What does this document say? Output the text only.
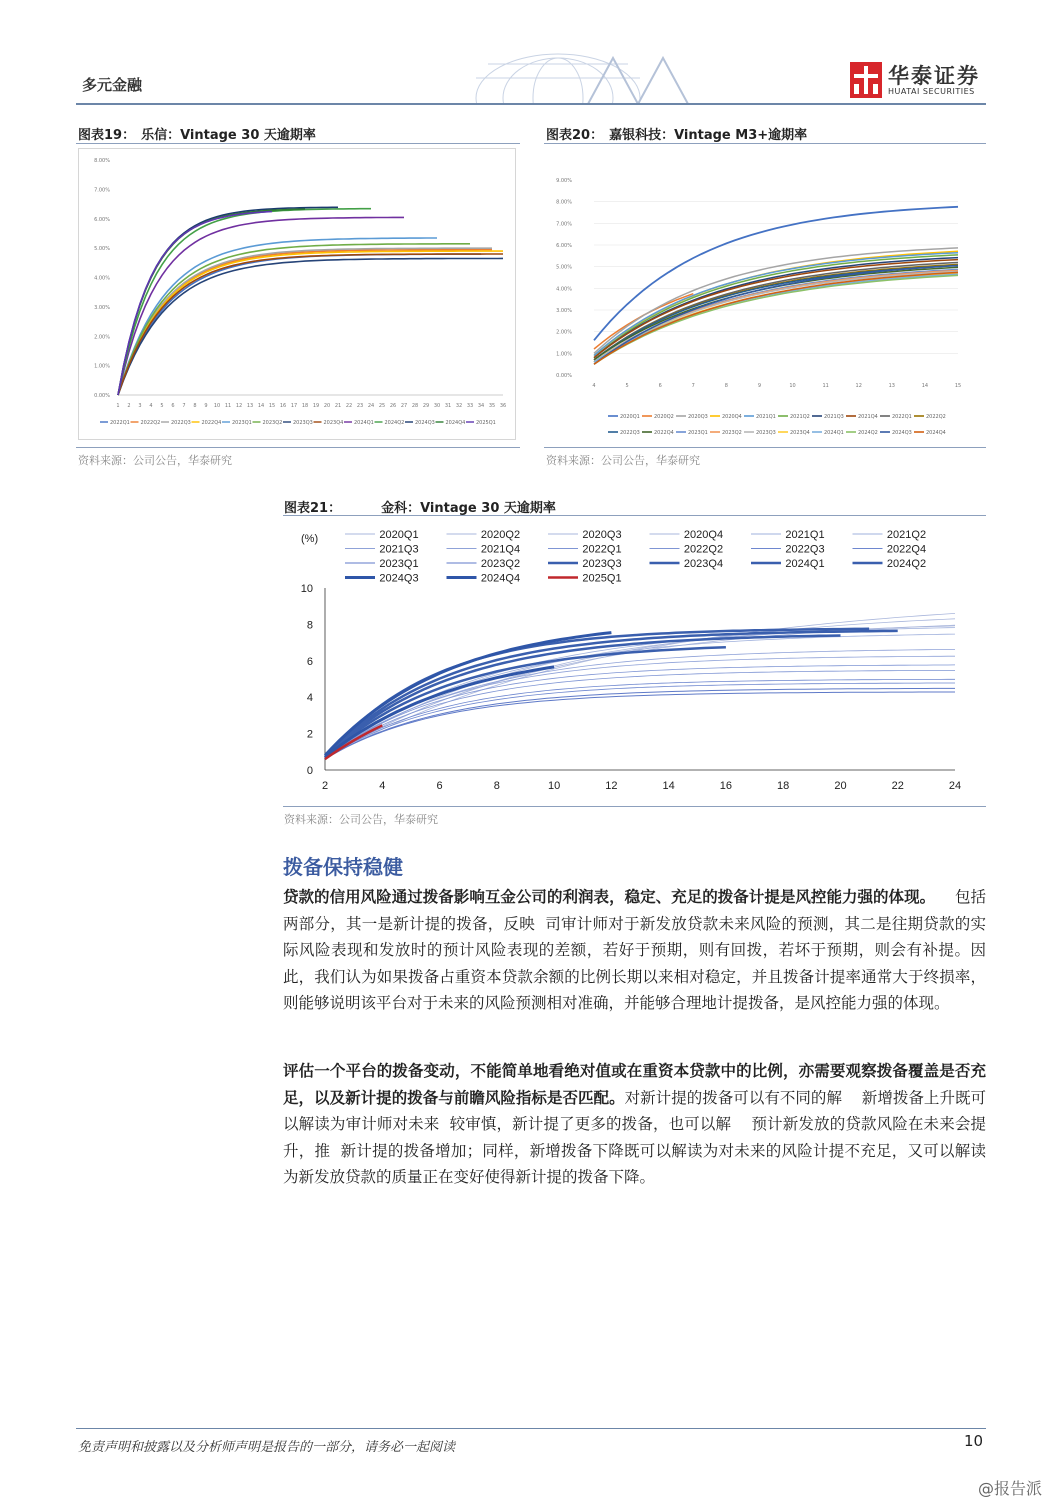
多元金融	华泰证券
HUATAI SECURITIES
图表19： 乐信：Vintage 30 天逾期率
0.00%
1.00%
2.00%
3.00%
4.00%
5.00%
6.00%
7.00%
8.00%
1 2 3 4 5 6 7 8 9 10 11 12 13 14 15 16 17 18 19 20 21 22 23 24 25 26 27 28 29 30 31 32 33 34 35 36
2022Q1 2022Q2 2022Q3 2022Q4 2023Q1 2023Q2 2023Q3 2023Q4 2024Q1 2024Q2 2024Q3 2024Q4 2025Q1
资料来源：公司公告，华泰研究
图表20： 嘉银科技：Vintage M3+逾期率
0.00%
1.00%
2.00%
3.00%
4.00%
5.00%
6.00%
7.00%
8.00%
9.00%
4	5	6	7	8	9	10	11	12	13	14	15
2020Q1	2020Q2	2020Q3	2020Q4	2021Q1	2021Q2	2021Q3	2021Q4	2022Q1	2022Q2
2022Q3	2022Q4	2023Q1	2023Q2	2023Q3	2023Q4	2024Q1	2024Q2	2024Q3	2024Q4
资料来源：公司公告，华泰研究
图表21：	金科：Vintage 30 天逾期率
(%)	2020Q1	2020Q2	2020Q3	2020Q4	2021Q1	2021Q2
2021Q3	2021Q4	2022Q1	2022Q2	2022Q3	2022Q4
2023Q1	2023Q2	2023Q3	2023Q4	2024Q1	2024Q2
2024Q3	2024Q4	2025Q1
0
2
4
6
8
10
2	4	6	8	10	12	14	16	18	20	22	24
资料来源：公司公告，华泰研究
拨备保持稳健
贷款的信用风险通过拨备影响互金公司的利润表，稳定、充足的拨备计提是风控能力强的体现。    包括两部分，其一是新计提的拨备，反映  司审计师对于新发放贷款未来风险的预测，其二是往期贷款的实际风险表现和发放时的预计风险表现的差额，若好于预期，则有回拨，若坏于预期，则会有补提。因此，我们认为如果拨备占重资本贷款余额的比例长期以来相对稳定，并且拨备计提率通常大于终损率，则能够说明该平台对于未来的风险预测相对准确，并能够合理地计提拨备，是风控能力强的体现。
评估一个平台的拨备变动，不能简单地看绝对值或在重资本贷款中的比例，亦需要观察拨备覆盖是否充足，以及新计提的拨备与前瞻风险指标是否匹配。对新计提的拨备可以有不同的解    新增拨备上升既可以解读为审计师对未来  较审慎，新计提了更多的拨备，也可以解    预计新发放的贷款风险在未来会提升，推  新计提的拨备增加；同样，新增拨备下降既可以解读为对未来的风险计提不充足，又可以解读为新发放贷款的质量正在变好使得新计提的拨备下降。
免责声明和披露以及分析师声明是报告的一部分，请务必一起阅读	10
@报告派
